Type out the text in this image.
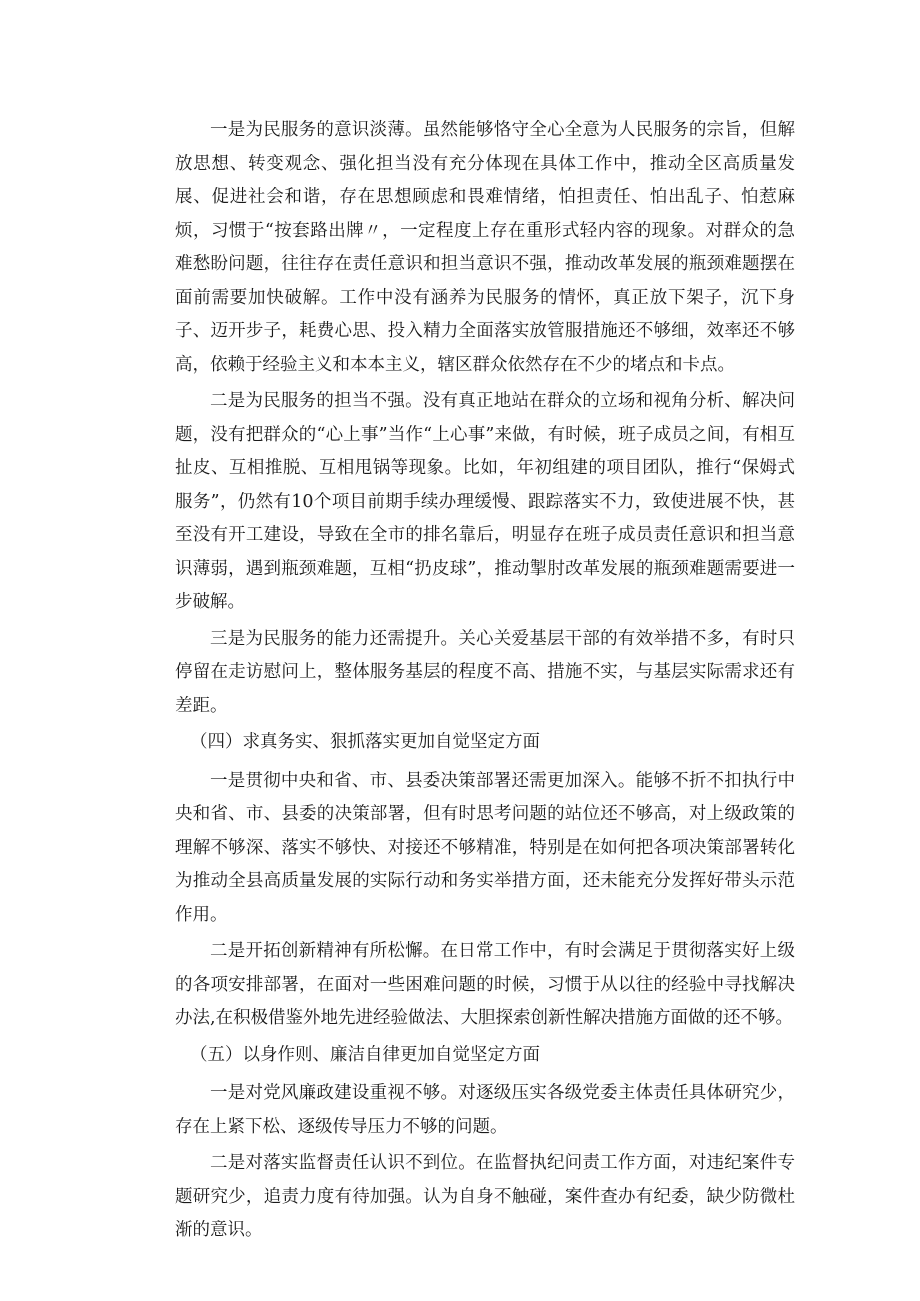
一是为民服务的意识淡薄。虽然能够恪守全心全意为人民服务的宗旨，但解放思想、转变观念、强化担当没有充分体现在具体工作中，推动全区高质量发展、促进社会和谐，存在思想顾虑和畏难情绪，怕担责任、怕出乱子、怕惹麻烦，习惯于“按套路出牌〃，一定程度上存在重形式轻内容的现象。对群众的急难愁盼问题，往往存在责任意识和担当意识不强，推动改革发展的瓶颈难题摆在面前需要加快破解。工作中没有涵养为民服务的情怀，真正放下架子，沉下身子、迈开步子，耗费心思、投入精力全面落实放管服措施还不够细，效率还不够高，依赖于经验主义和本本主义，辖区群众依然存在不少的堵点和卡点。

二是为民服务的担当不强。没有真正地站在群众的立场和视角分析、解决问题，没有把群众的“心上事”当作“上心事”来做，有时候，班子成员之间，有相互扯皮、互相推脱、互相甩锅等现象。比如，年初组建的项目团队，推行“保姆式服务”，仍然有10个项目前期手续办理缓慢、跟踪落实不力，致使进展不快，甚至没有开工建设，导致在全市的排名靠后，明显存在班子成员责任意识和担当意识薄弱，遇到瓶颈难题，互相“扔皮球”，推动掣肘改革发展的瓶颈难题需要进一步破解。

三是为民服务的能力还需提升。关心关爱基层干部的有效举措不多，有时只停留在走访慰问上，整体服务基层的程度不高、措施不实，与基层实际需求还有差距。

（四）求真务实、狠抓落实更加自觉坚定方面

一是贯彻中央和省、市、县委决策部署还需更加深入。能够不折不扣执行中央和省、市、县委的决策部署，但有时思考问题的站位还不够高，对上级政策的理解不够深、落实不够快、对接还不够精准，特别是在如何把各项决策部署转化为推动全县高质量发展的实际行动和务实举措方面，还未能充分发挥好带头示范作用。

二是开拓创新精神有所松懈。在日常工作中，有时会满足于贯彻落实好上级的各项安排部署，在面对一些困难问题的时候，习惯于从以往的经验中寻找解决办法,在积极借鉴外地先进经验做法、大胆探索创新性解决措施方面做的还不够。

（五）以身作则、廉洁自律更加自觉坚定方面

一是对党风廉政建设重视不够。对逐级压实各级党委主体责任具体研究少，存在上紧下松、逐级传导压力不够的问题。

二是对落实监督责任认识不到位。在监督执纪问责工作方面，对违纪案件专题研究少，追责力度有待加强。认为自身不触碰，案件查办有纪委，缺少防微杜渐的意识。
